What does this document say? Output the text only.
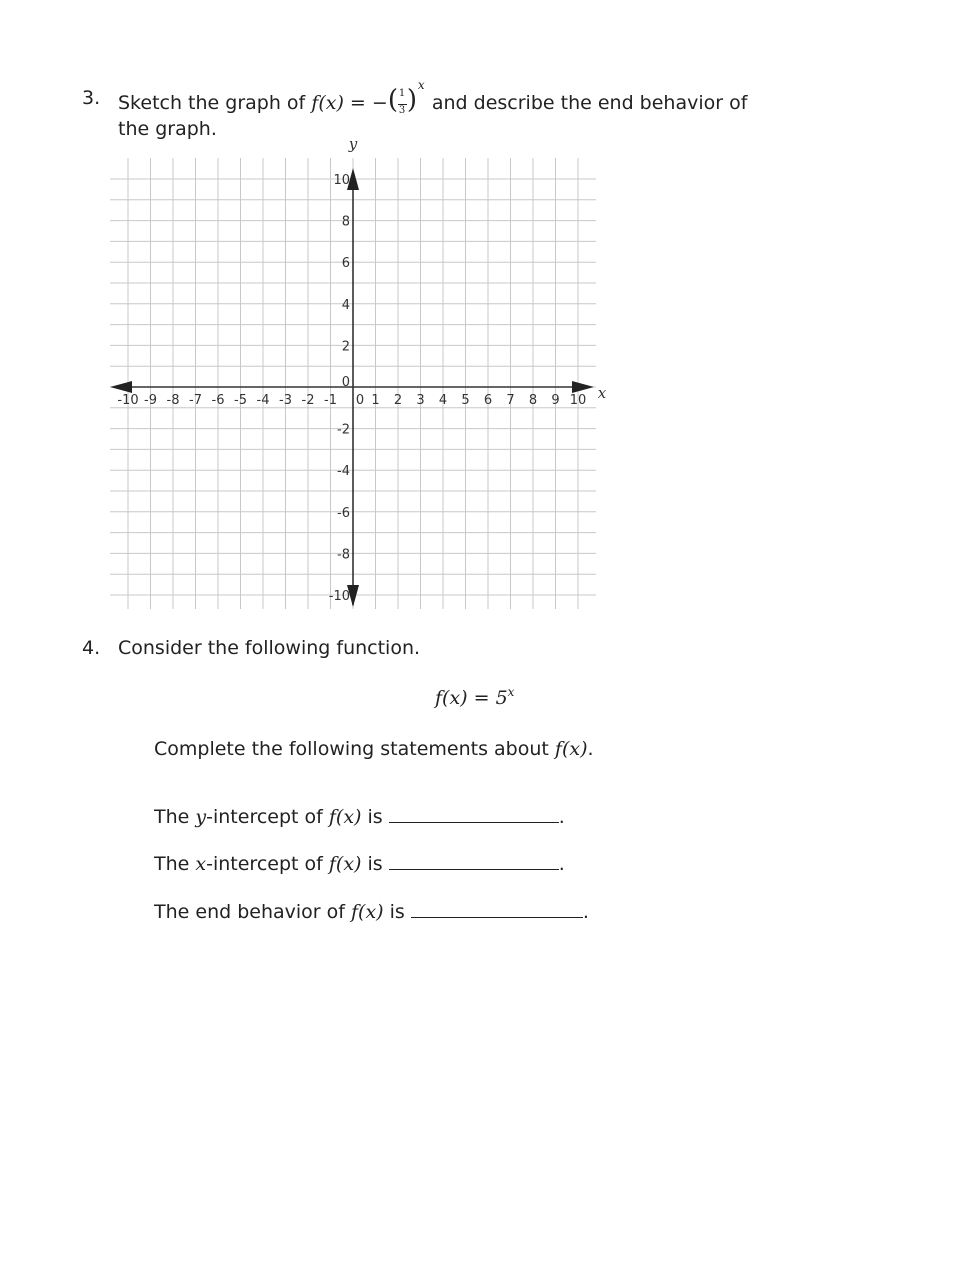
3. Sketch the graph of f(x) = − ( 1
3 ) x
and describe the end behavior of
the graph.
-10 -9 -8 -7 -6 -5 -4 -3 -2 -1 0 1 2 3 4 5 6 7 8 9 10
10
8
6
4
2
0
-2
-4
-6
-8
-10
y
x
4. Consider the following function.
$f(x) = 5^x$
Complete the following statements about f(x).
The y-intercept of f(x) is	.
The x-intercept of f(x) is	.
The end behavior of f(x) is	.
